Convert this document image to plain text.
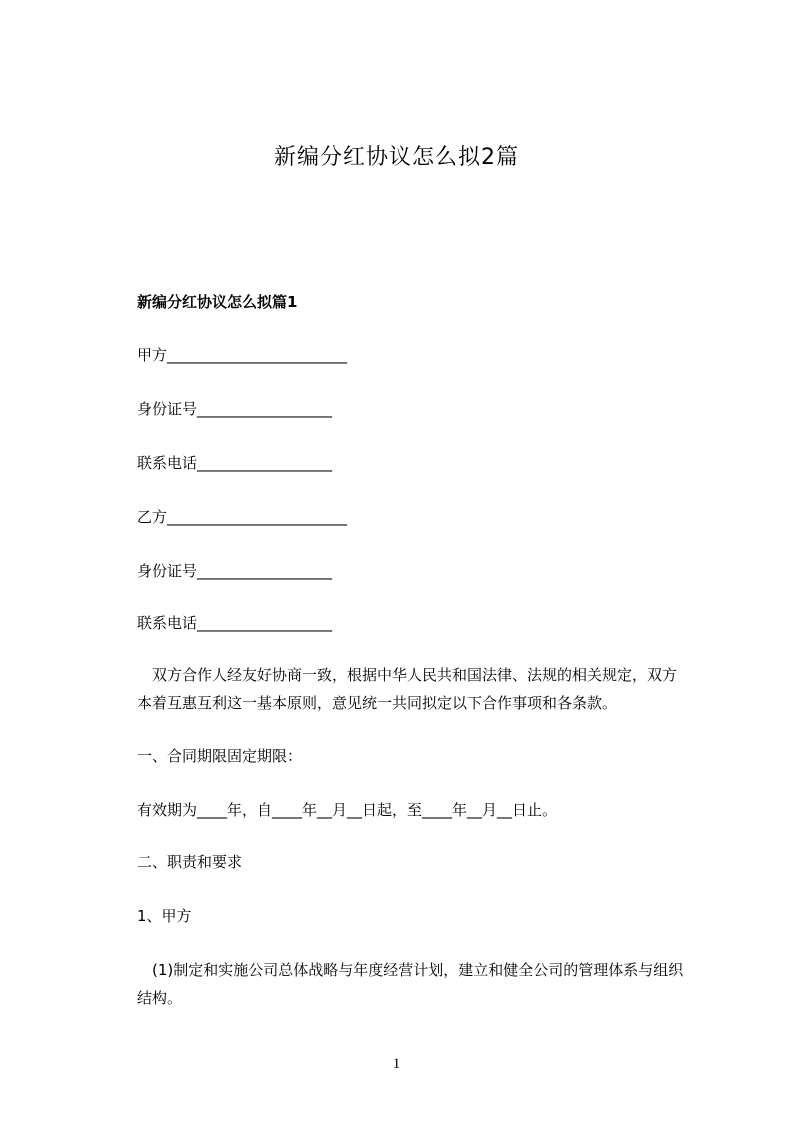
新编分红协议怎么拟2篇
新编分红协议怎么拟篇1
甲方________________________
身份证号__________________
联系电话__________________
乙方________________________
身份证号__________________
联系电话__________________
　双方合作人经友好协商一致，根据中华人民共和国法律、法规的相关规定，双方
本着互惠互利这一基本原则，意见统一共同拟定以下合作事项和各条款。
一、合同期限固定期限：
有效期为____年，自____年__月__日起，至____年__月__日止。
二、职责和要求
1、甲方
　(1)制定和实施公司总体战略与年度经营计划，建立和健全公司的管理体系与组织
结构。
1
